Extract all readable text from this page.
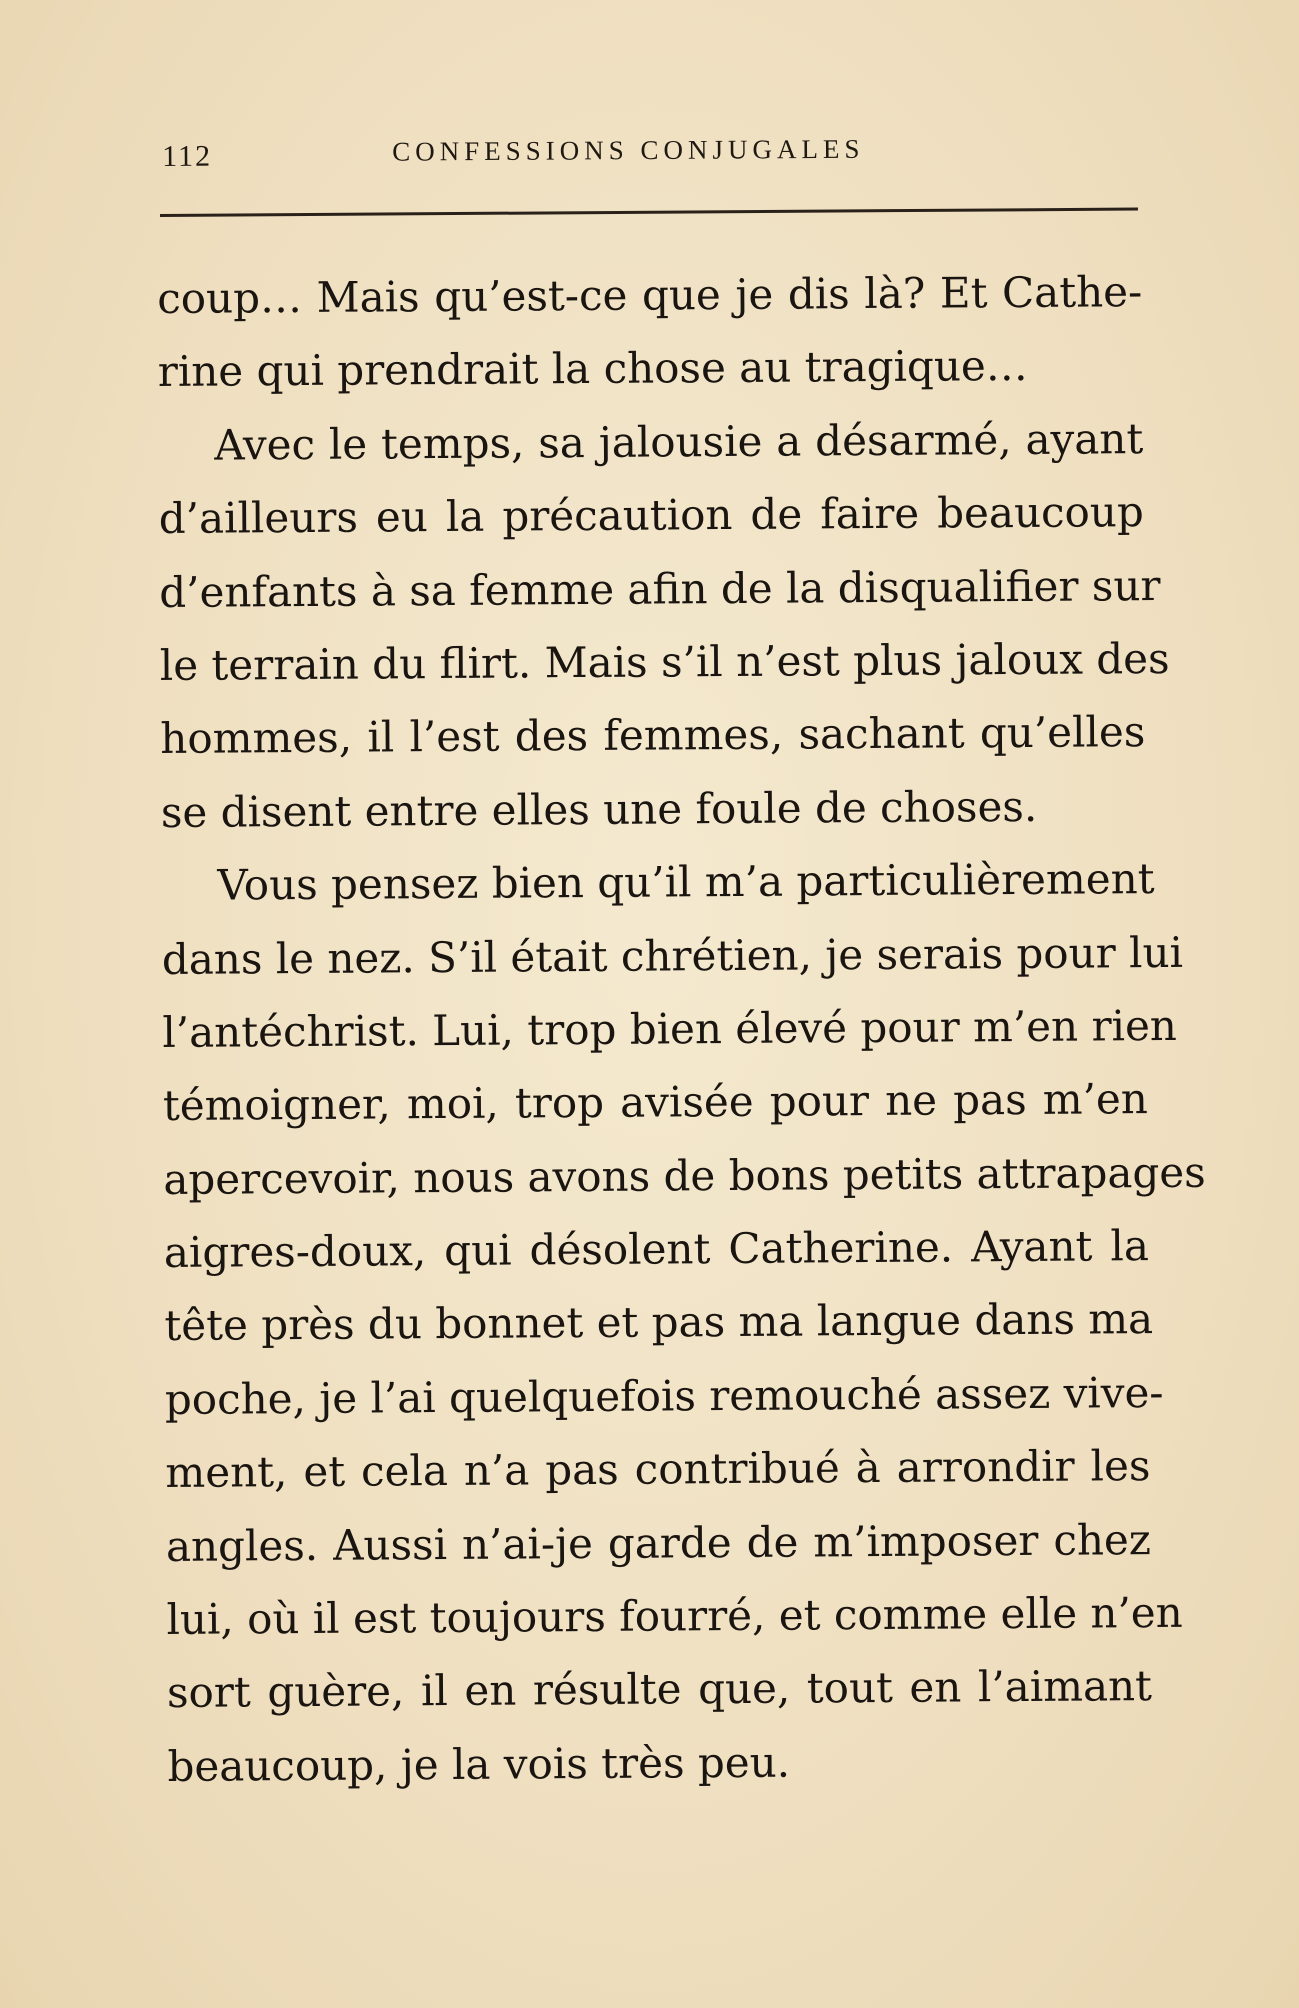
112	CONFESSIONS CONJUGALES
coup… Mais qu’est-ce que je dis là? Et Cathe-
rine qui prendrait la chose au tragique…
Avec le temps, sa jalousie a désarmé, ayant
d’ailleurs eu la précaution de faire beaucoup
d’enfants à sa femme afin de la disqualifier sur
le terrain du flirt. Mais s’il n’est plus jaloux des
hommes, il l’est des femmes, sachant qu’elles
se disent entre elles une foule de choses.
Vous pensez bien qu’il m’a particulièrement
dans le nez. S’il était chrétien, je serais pour lui
l’antéchrist. Lui, trop bien élevé pour m’en rien
témoigner, moi, trop avisée pour ne pas m’en
apercevoir, nous avons de bons petits attrapages
aigres-doux, qui désolent Catherine. Ayant la
tête près du bonnet et pas ma langue dans ma
poche, je l’ai quelquefois remouché assez vive-
ment, et cela n’a pas contribué à arrondir les
angles. Aussi n’ai-je garde de m’imposer chez
lui, où il est toujours fourré, et comme elle n’en
sort guère, il en résulte que, tout en l’aimant
beaucoup, je la vois très peu.
